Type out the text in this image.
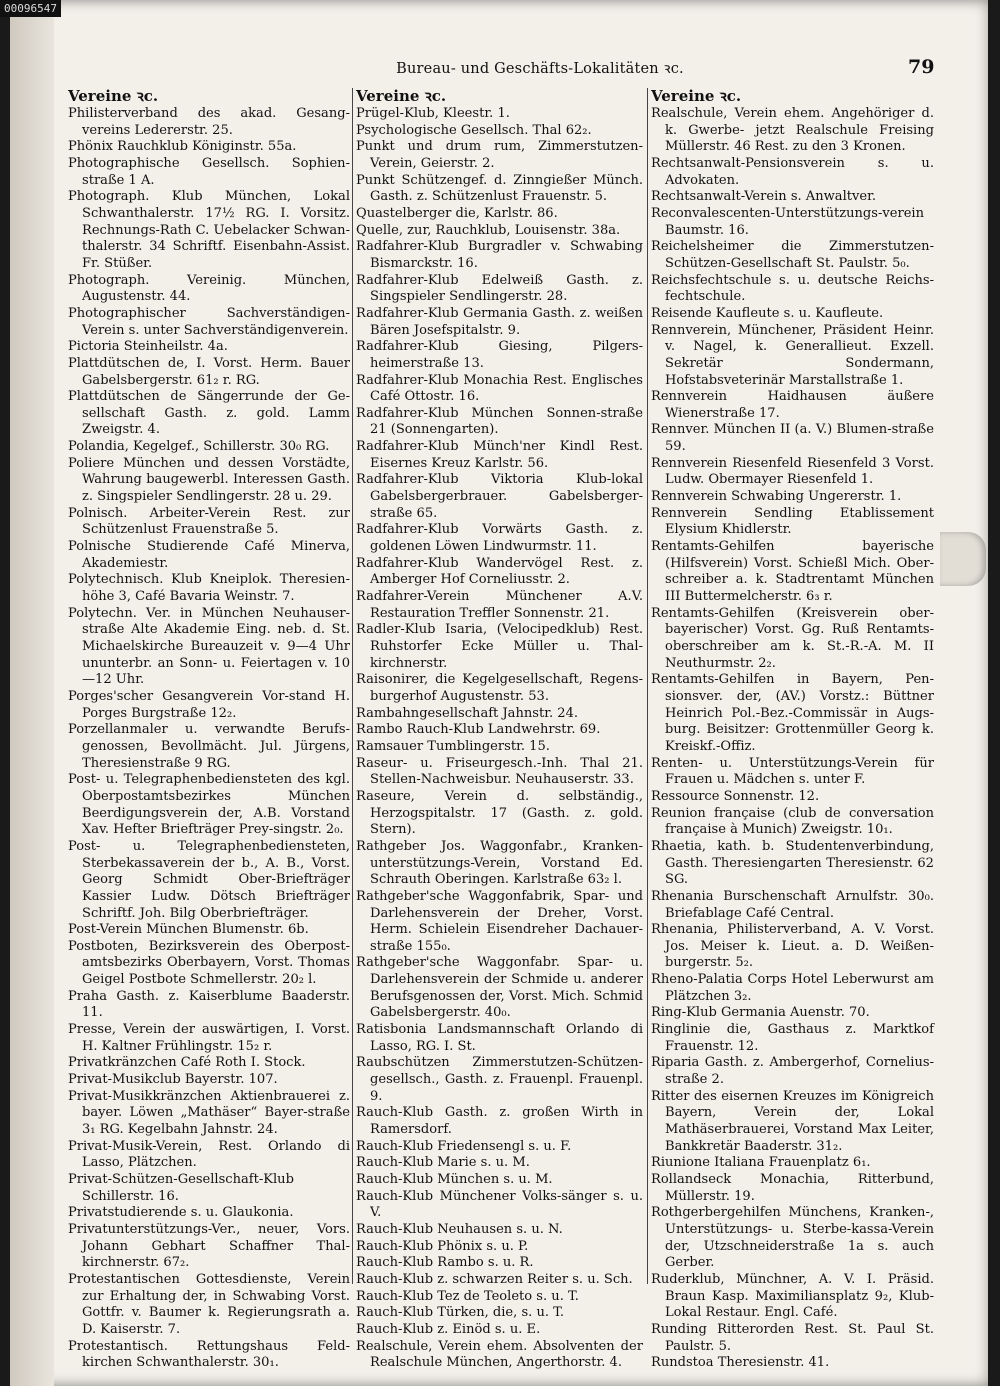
Bureau- und Geschäfts-Lokalitäten ꝛc.	79
Vereine ꝛc.

Philisterverband des akad. Gesang-vereins Ledererstr. 25.

Phönix Rauchklub Königinstr. 55a.

Photographische Gesellsch. Sophien-straße 1 A.

Photograph. Klub München, Lokal Schwanthalerstr. 17½ RG. I. Vorsitz. Rechnungs-Rath C. Uebelacker Schwan-thalerstr. 34 Schriftf. Eisenbahn-Assist. Fr. Stüßer.

Photograph. Vereinig. München, Augustenstr. 44.

Photographischer Sachverständigen-Verein s. unter Sachverständigenverein.

Pictoria Steinheilstr. 4a.

Plattdütschen de, I. Vorst. Herm. Bauer Gabelsbergerstr. 61₂ r. RG.

Plattdütschen de Sängerrunde der Ge-sellschaft Gasth. z. gold. Lamm Zweigstr. 4.

Polandia, Kegelgef., Schillerstr. 30₀ RG.

Poliere München und dessen Vorstädte, Wahrung baugewerbl. Interessen Gasth. z. Singspieler Sendlingerstr. 28 u. 29.

Polnisch. Arbeiter-Verein Rest. zur Schützenlust Frauenstraße 5.

Polnische Studierende Café Minerva, Akademiestr.

Polytechnisch. Klub Kneiplok. Theresien-höhe 3, Café Bavaria Weinstr. 7.

Polytechn. Ver. in München Neuhauser-straße Alte Akademie Eing. neb. d. St. Michaelskirche Bureauzeit v. 9—4 Uhr ununterbr. an Sonn- u. Feiertagen v. 10—12 Uhr.

Porges'scher Gesangverein Vor-stand H. Porges Burgstraße 12₂.

Porzellanmaler u. verwandte Berufs-genossen, Bevollmächt. Jul. Jürgens, Theresienstraße 9 RG.

Post- u. Telegraphenbediensteten des kgl. Oberpostamtsbezirkes München Beerdigungsverein der, A.B. Vorstand Xav. Hefter Briefträger Prey-singstr. 2₀.

Post- u. Telegraphenbediensteten, Sterbekassaverein der b., A. B., Vorst. Georg Schmidt Ober-Briefträger Kassier Ludw. Dötsch Briefträger Schriftf. Joh. Bilg Oberbriefträger.

Post-Verein München Blumenstr. 6b.

Postboten, Bezirksverein des Oberpost-amtsbezirks Oberbayern, Vorst. Thomas Geigel Postbote Schmellerstr. 20₂ l.

Praha Gasth. z. Kaiserblume Baaderstr. 11.

Presse, Verein der auswärtigen, I. Vorst. H. Kaltner Frühlingstr. 15₂ r.

Privatkränzchen Café Roth I. Stock.

Privat-Musikclub Bayerstr. 107.

Privat-Musikkränzchen Aktienbrauerei z. bayer. Löwen „Mathäser“ Bayer-straße 3₁ RG. Kegelbahn Jahnstr. 24.

Privat-Musik-Verein, Rest. Orlando di Lasso, Plätzchen.

Privat-Schützen-Gesellschaft-Klub Schillerstr. 16.

Privatstudierende s. u. Glaukonia.

Privatunterstützungs-Ver., neuer, Vors. Johann Gebhart Schaffner Thal-kirchnerstr. 67₂.

Protestantischen Gottesdienste, Verein zur Erhaltung der, in Schwabing Vorst. Gottfr. v. Baumer k. Regierungsrath a. D. Kaiserstr. 7.

Protestantisch. Rettungshaus Feld-kirchen Schwanthalerstr. 30₁.

Vereine ꝛc.

Prügel-Klub, Kleestr. 1.

Psychologische Gesellsch. Thal 62₂.

Punkt und drum rum, Zimmerstutzen-Verein, Geierstr. 2.

Punkt Schützengef. d. Zinngießer Münch. Gasth. z. Schützenlust Frauenstr. 5.

Quastelberger die, Karlstr. 86.

Quelle, zur, Rauchklub, Louisenstr. 38a.

Radfahrer-Klub Burgradler v. Schwabing Bismarckstr. 16.

Radfahrer-Klub Edelweiß Gasth. z. Singspieler Sendlingerstr. 28.

Radfahrer-Klub Germania Gasth. z. weißen Bären Josefspitalstr. 9.

Radfahrer-Klub Giesing, Pilgers-heimerstraße 13.

Radfahrer-Klub Monachia Rest. Englisches Café Ottostr. 16.

Radfahrer-Klub München Sonnen-straße 21 (Sonnengarten).

Radfahrer-Klub Münch'ner Kindl Rest. Eisernes Kreuz Karlstr. 56.

Radfahrer-Klub Viktoria Klub-lokal Gabelsbergerbrauer. Gabelsberger-straße 65.

Radfahrer-Klub Vorwärts Gasth. z. goldenen Löwen Lindwurmstr. 11.

Radfahrer-Klub Wandervögel Rest. z. Amberger Hof Corneliusstr. 2.

Radfahrer-Verein Münchener A.V. Restauration Treffler Sonnenstr. 21.

Radler-Klub Isaria, (Velocipedklub) Rest. Ruhstorfer Ecke Müller u. Thal-kirchnerstr.

Raisonirer, die Kegelgesellschaft, Regens-burgerhof Augustenstr. 53.

Rambahngesellschaft Jahnstr. 24.

Rambo Rauch-Klub Landwehrstr. 69.

Ramsauer Tumblingerstr. 15.

Raseur- u. Friseurgesch.-Inh. Thal 21. Stellen-Nachweisbur. Neuhauserstr. 33.

Raseure, Verein d. selbständig., Herzogspitalstr. 17 (Gasth. z. gold. Stern).

Rathgeber Jos. Waggonfabr., Kranken-unterstützungs-Verein, Vorstand Ed. Schrauth Oberingen. Karlstraße 63₂ l.

Rathgeber'sche Waggonfabrik, Spar- und Darlehensverein der Dreher, Vorst. Herm. Schielein Eisendreher Dachauer-straße 155₀.

Rathgeber'sche Waggonfabr. Spar- u. Darlehensverein der Schmide u. anderer Berufsgenossen der, Vorst. Mich. Schmid Gabelsbergerstr. 40₀.

Ratisbonia Landsmannschaft Orlando di Lasso, RG. I. St.

Raubschützen Zimmerstutzen-Schützen-gesellsch., Gasth. z. Frauenpl. Frauenpl. 9.

Rauch-Klub Gasth. z. großen Wirth in Ramersdorf.

Rauch-Klub Friedensengl s. u. F.

Rauch-Klub Marie s. u. M.

Rauch-Klub München s. u. M.

Rauch-Klub Münchener Volks-sänger s. u. V.

Rauch-Klub Neuhausen s. u. N.

Rauch-Klub Phönix s. u. P.

Rauch-Klub Rambo s. u. R.

Rauch-Klub z. schwarzen Reiter s. u. Sch.

Rauch-Klub Tez de Teoleto s. u. T.

Rauch-Klub Türken, die, s. u. T.

Rauch-Klub z. Einöd s. u. E.

Realschule, Verein ehem. Absolventen der Realschule München, Angerthorstr. 4.

Vereine ꝛc.

Realschule, Verein ehem. Angehöriger d. k. Gwerbe- jetzt Realschule Freising Müllerstr. 46 Rest. zu den 3 Kronen.

Rechtsanwalt-Pensionsverein s. u. Advokaten.

Rechtsanwalt-Verein s. Anwaltver.

Reconvalescenten-Unterstützungs-verein Baumstr. 16.

Reichelsheimer die Zimmerstutzen-Schützen-Gesellschaft St. Paulstr. 5₀.

Reichsfechtschule s. u. deutsche Reichs-fechtschule.

Reisende Kaufleute s. u. Kaufleute.

Rennverein, Münchener, Präsident Heinr. v. Nagel, k. Generallieut. Exzell. Sekretär Sondermann, Hofstabsveterinär Marstallstraße 1.

Rennverein Haidhausen äußere Wienerstraße 17.

Rennver. München II (a. V.) Blumen-straße 59.

Rennverein Riesenfeld Riesenfeld 3 Vorst. Ludw. Obermayer Riesenfeld 1.

Rennverein Schwabing Ungererstr. 1.

Rennverein Sendling Etablissement Elysium Khidlerstr.

Rentamts-Gehilfen bayerische (Hilfsverein) Vorst. Schießl Mich. Ober-schreiber a. k. Stadtrentamt München III Buttermelcherstr. 6₃ r.

Rentamts-Gehilfen (Kreisverein ober-bayerischer) Vorst. Gg. Ruß Rentamts-oberschreiber am k. St.-R.-A. M. II Neuthurmstr. 2₂.

Rentamts-Gehilfen in Bayern, Pen-sionsver. der, (AV.) Vorstz.: Büttner Heinrich Pol.-Bez.-Commissär in Augs-burg. Beisitzer: Grottenmüller Georg k. Kreiskf.-Offiz.

Renten- u. Unterstützungs-Verein für Frauen u. Mädchen s. unter F.

Ressource Sonnenstr. 12.

Reunion française (club de conversation française à Munich) Zweigstr. 10₁.

Rhaetia, kath. b. Studentenverbindung, Gasth. Theresiengarten Theresienstr. 62 SG.

Rhenania Burschenschaft Arnulfstr. 30₀. Briefablage Café Central.

Rhenania, Philisterverband, A. V. Vorst. Jos. Meiser k. Lieut. a. D. Weißen-burgerstr. 5₂.

Rheno-Palatia Corps Hotel Leberwurst am Plätzchen 3₂.

Ring-Klub Germania Auenstr. 70.

Ringlinie die, Gasthaus z. Marktkof Frauenstr. 12.

Riparia Gasth. z. Ambergerhof, Cornelius-straße 2.

Ritter des eisernen Kreuzes im Königreich Bayern, Verein der, Lokal Mathäserbrauerei, Vorstand Max Leiter, Bankkretär Baaderstr. 31₂.

Riunione Italiana Frauenplatz 6₁.

Rollandseck Monachia, Ritterbund, Müllerstr. 19.

Rothgerbergehilfen Münchens, Kranken-, Unterstützungs- u. Sterbe-kassa-Verein der, Utzschneiderstraße 1a s. auch Gerber.

Ruderklub, Münchner, A. V. I. Präsid. Braun Kasp. Maximiliansplatz 9₂, Klub-Lokal Restaur. Engl. Café.

Runding Ritterorden Rest. St. Paul St. Paulstr. 5.

Rundstoa Theresienstr. 41.

00096547
